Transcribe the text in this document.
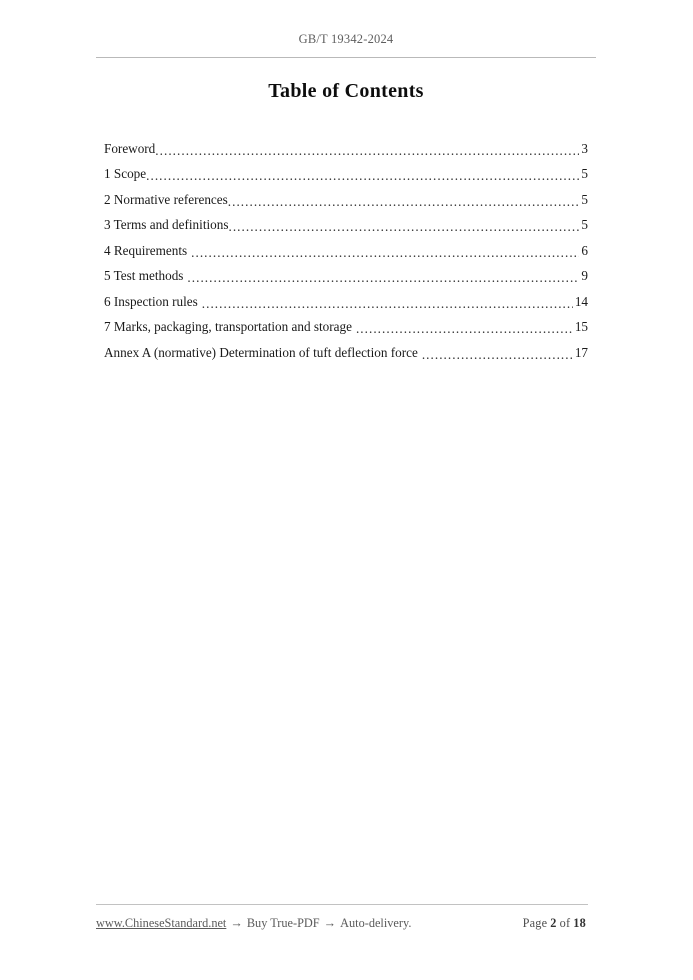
GB/T 19342-2024
Table of Contents
Foreword .....	3
1 Scope .....	5
2 Normative references .....	5
3 Terms and definitions .....	5
4 Requirements .....	6
5 Test methods .....	9
6 Inspection rules .....	14
7 Marks, packaging, transportation and storage .....	15
Annex A (normative) Determination of tuft deflection force .....	17
www.ChineseStandard.net → Buy True-PDF → Auto-delivery.	Page 2 of 18
